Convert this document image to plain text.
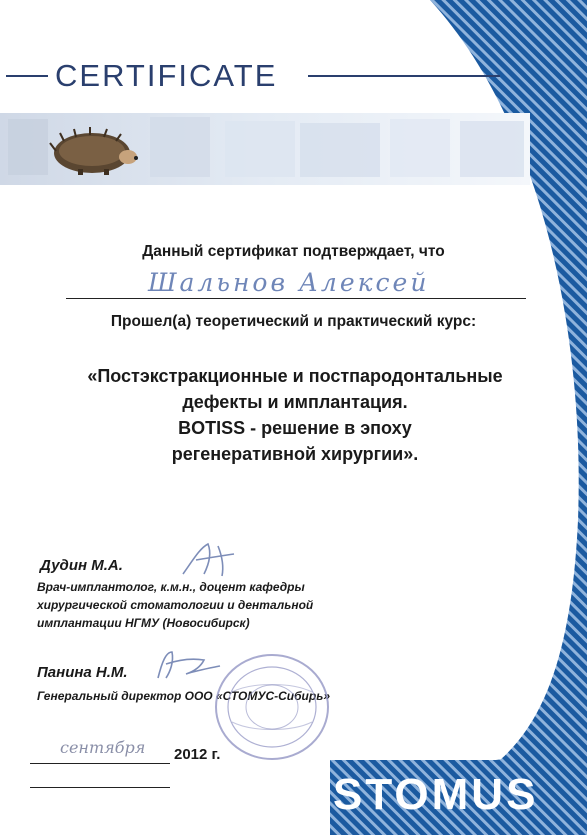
CERTIFICATE
Данный сертификат подтверждает, что
Шальнов Алексей
Прошел(а) теоретический и практический курс:
«Постэкстракционные и постпародонтальные
дефекты и имплантация.
BOTISS - решение в эпоху
регенеративной хирургии».
Дудин М.А.
Врач-имплантолог, к.м.н., доцент кафедры
хирургической стоматологии и дентальной
имплантации НГМУ (Новосибирск)
Панина Н.М.
Генеральный директор ООО «СТОМУС-Сибирь»
сентября 2012 г.
STOMUS
